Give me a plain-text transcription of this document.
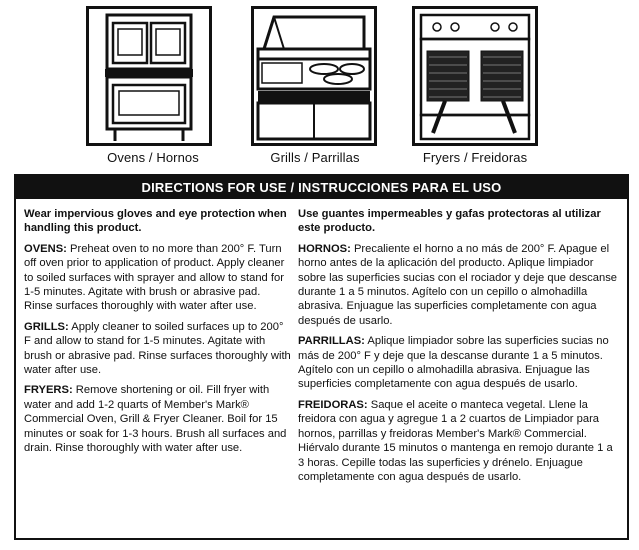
Ovens / Hornos	Grills / Parrillas	Fryers / Freidoras
DIRECTIONS FOR USE / INSTRUCCIONES PARA EL USO

Wear impervious gloves and eye protection when handling this product.

OVENS: Preheat oven to no more than 200° F. Turn off oven prior to application of product. Apply cleaner to soiled surfaces with sprayer and allow to stand for 1-5 minutes. Agitate with brush or abrasive pad. Rinse surfaces thoroughly with water after use.

GRILLS: Apply cleaner to soiled surfaces up to 200° F and allow to stand for 1-5 minutes. Agitate with brush or abrasive pad. Rinse surfaces thoroughly with water after use.

FRYERS: Remove shortening or oil. Fill fryer with water and add 1-2 quarts of Member's Mark® Commercial Oven, Grill & Fryer Cleaner. Boil for 15 minutes or soak for 1-3 hours. Brush all surfaces and drain. Rinse thoroughly with water after use.

Use guantes impermeables y gafas protectoras al utilizar este producto.

HORNOS: Precaliente el horno a no más de 200° F. Apague el horno antes de la aplicación del producto. Aplique limpiador sobre las superficies sucias con el rociador y deje que descanse durante 1 a 5 minutos. Agítelo con un cepillo o almohadilla abrasiva. Enjuague las superficies completamente con agua después de usarlo.

PARRILLAS: Aplique limpiador sobre las superficies sucias no más de 200° F y deje que la descanse durante 1 a 5 minutos. Agítelo con un cepillo o almohadilla abrasiva. Enjuague las superficies completamente con agua después de usarlo.

FREIDORAS: Saque el aceite o manteca vegetal. Llene la freidora con agua y agregue 1 a 2 cuartos de Limpiador para hornos, parrillas y freidoras Member's Mark® Commercial. Hiérvalo durante 15 minutos o mantenga en remojo durante 1 a 3 horas. Cepille todas las superficies y drénelo. Enjuague completamente con agua después de usarlo.
